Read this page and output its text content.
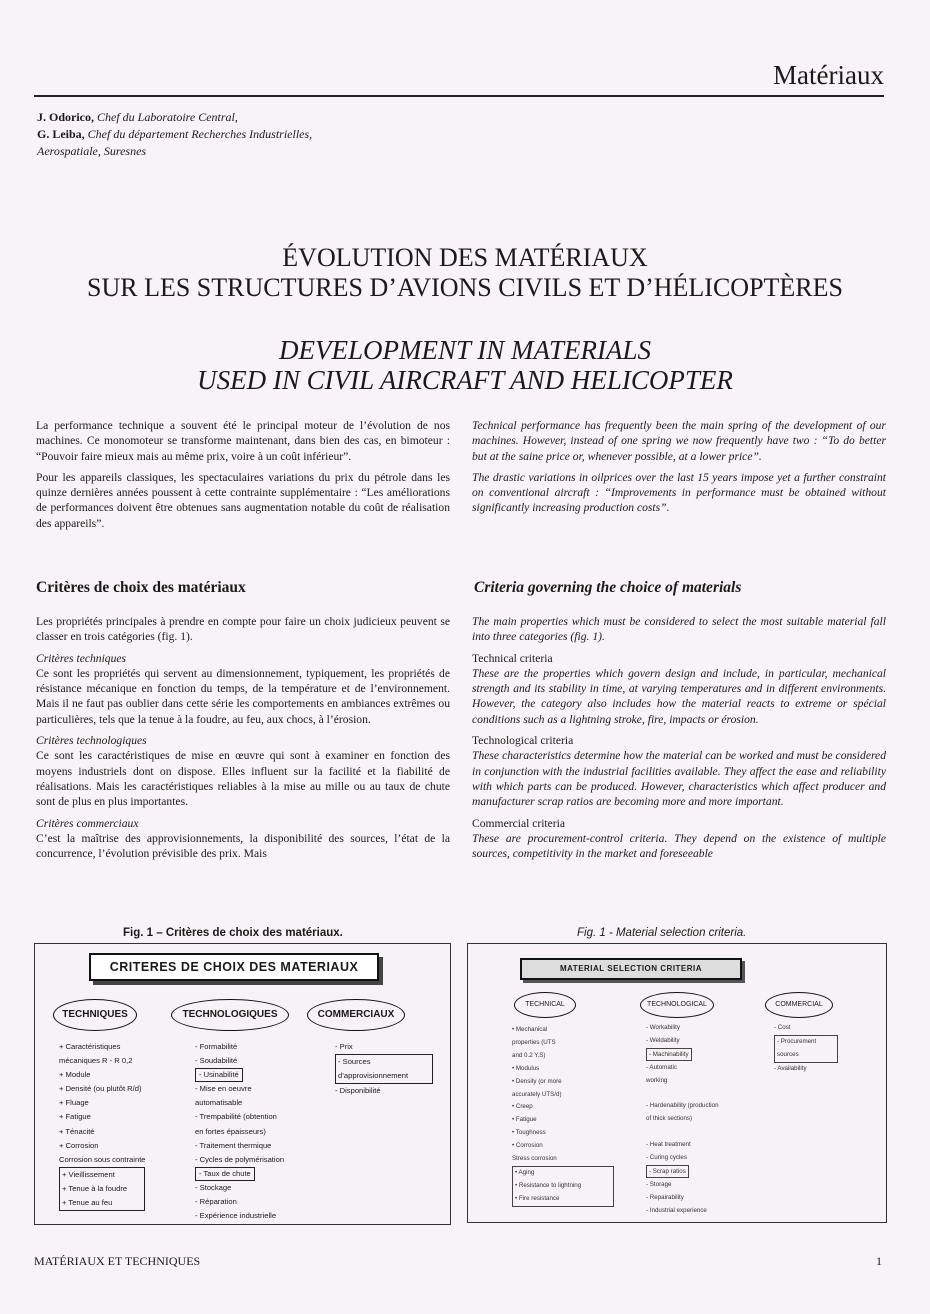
Matériaux
J. Odorico, Chef du Laboratoire Central,
G. Leiba, Chef du département Recherches Industrielles,
Aerospatiale, Suresnes
ÉVOLUTION DES MATÉRIAUX
SUR LES STRUCTURES D’AVIONS CIVILS ET D’HÉLICOPTÈRES
DEVELOPMENT IN MATERIALS
USED IN CIVIL AIRCRAFT AND HELICOPTER

La performance technique a souvent été le principal moteur de l’évolution de nos machines. Ce monomoteur se transforme maintenant, dans bien des cas, en bimoteur : “Pouvoir faire mieux mais au même prix, voire à un coût inférieur”.

Pour les appareils classiques, les spectaculaires variations du prix du pétrole dans les quinze dernières années poussent à cette contrainte supplémentaire : “Les améliorations de performances doivent être obtenues sans augmentation notable du coût de réalisation des appareils”.

Technical performance has frequently been the main spring of the development of our machines. However, instead of one spring we now frequently have two : “To do better but at the saine price or, whenever possible, at a lower price”.

The drastic variations in oilprices over the last 15 years impose yet a further constraint on conventional aircraft : “Improvements in performance must be obtained without significantly increasing production costs”.

Critères de choix des matériaux	Criteria governing the choice of materials

Les propriétés principales à prendre en compte pour faire un choix judicieux peuvent se classer en trois catégories (fig. 1).

Critères techniques

Ce sont les propriétés qui servent au dimensionnement, typiquement, les propriétés de résistance mécanique en fonction du temps, de la température et de l’environnement. Mais il ne faut pas oublier dans cette série les comportements en ambiances extrêmes ou particulières, tels que la tenue à la foudre, au feu, aux chocs, à l’érosion.

Critères technologiques

Ce sont les caractéristiques de mise en œuvre qui sont à examiner en fonction des moyens industriels dont on dispose. Elles influent sur la facilité et la fiabilité de réalisations. Mais les caractéristiques reliables à la mise au mille ou au taux de chute sont de plus en plus importantes.

Critères commerciaux

C’est la maîtrise des approvisionnements, la disponibilité des sources, l’état de la concurrence, l’évolution prévisible des prix. Mais

The main properties which must be considered to select the most suitable material fall into three categories (fig. 1).

Technical criteria

These are the properties which govern design and include, in particular, mechanical strength and its stability in time, at varying temperatures and in different environments. However, the category also includes how the material reacts to extreme or spécial conditions such as a lightning stroke, fire, impacts or érosion.

Technological criteria

These characteristics determine how the material can be worked and must be considered in conjunction with the industrial facilities available. They affect the ease and reliability with which parts can be produced. However, characteristics which affect producer and manufacturer scrap ratios are becoming more and more important.

Commercial criteria

These are procurement-control criteria. They depend on the existence of multiple sources, competitivity in the market and foreseeable

Fig. 1 – Critères de choix des matériaux.	Fig. 1 - Material selection criteria.
CRITERES DE CHOIX DES MATERIAUX
TECHNIQUES	TECHNOLOGIQUES	COMMERCIAUX
+ Caractéristiques
mécaniques R - R 0,2
+ Module
+ Densité (ou plutôt R/d)
+ Fluage
+ Fatigue
+ Ténacité
+ Corrosion
Corrosion sous contrainte
+ Vieillissement
+ Tenue à la foudre
+ Tenue au feu
- Formabilité
- Soudabilité
- Usinabilité
- Mise en oeuvre
automatisable
- Trempabilité (obtention
en fortes épaisseurs)
- Traitement thermique
- Cycles de polymérisation
- Taux de chute
- Stockage
- Réparation
- Expérience industrielle
- Prix
- Sources
d’approvisionnement
- Disponibilité
MATERIAL SELECTION CRITERIA
TECHNICAL	TECHNOLOGICAL	COMMERCIAL
• Mechanical
properties (UTS
and 0.2 Y.S)
• Modulus
• Density (or more
accurately UTS/d)
• Creep
• Fatigue
• Toughness
• Corrosion
Stress corrosion
• Aging
• Resistance to lightning
• Fire resistance
- Workability
- Weldability
- Machinability
- Automatic
working

- Hardenability (production
of thick sections)

- Heat treatment
- Curing cycles
- Scrap ratios
- Storage
- Repairability
- Industrial experience
- Cost
- Procurement
sources
- Availability
MATÉRIAUX ET TECHNIQUES	1
